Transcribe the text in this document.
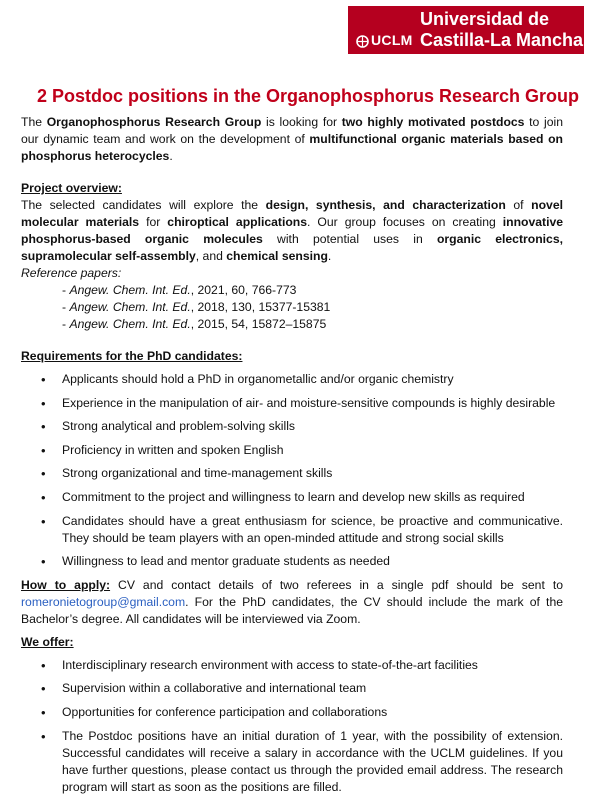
UCLM
Universidad de
Castilla-La Mancha
2 Postdoc positions in the Organophosphorus Research Group

The Organophosphorus Research Group is looking for two highly motivated postdocs to join our dynamic team and work on the development of multifunctional organic materials based on phosphorus heterocycles.

Project overview:

The selected candidates will explore the design, synthesis, and characterization of novel molecular materials for chiroptical applications. Our group focuses on creating innovative phosphorus-based organic molecules with potential uses in organic electronics, supramolecular self-assembly, and chemical sensing.

Reference papers:
- Angew. Chem. Int. Ed., 2021, 60, 766-773
- Angew. Chem. Int. Ed., 2018, 130, 15377-15381
- Angew. Chem. Int. Ed., 2015, 54, 15872–15875
Requirements for the PhD candidates:
• Applicants should hold a PhD in organometallic and/or organic chemistry
• Experience in the manipulation of air- and moisture-sensitive compounds is highly desirable
• Strong analytical and problem-solving skills
• Proficiency in written and spoken English
• Strong organizational and time-management skills
• Commitment to the project and willingness to learn and develop new skills as required
• Candidates should have a great enthusiasm for science, be proactive and communicative. They should be team players with an open-minded attitude and strong social skills
• Willingness to lead and mentor graduate students as needed

How to apply: CV and contact details of two referees in a single pdf should be sent to romeronietogroup@gmail.com. For the PhD candidates, the CV should include the mark of the Bachelor’s degree. All candidates will be interviewed via Zoom.

We offer:
• Interdisciplinary research environment with access to state-of-the-art facilities
• Supervision within a collaborative and international team
• Opportunities for conference participation and collaborations
• The Postdoc positions have an initial duration of 1 year, with the possibility of extension. Successful candidates will receive a salary in accordance with the UCLM guidelines. If you have further questions, please contact us through the provided email address. The research program will start as soon as the positions are filled.
